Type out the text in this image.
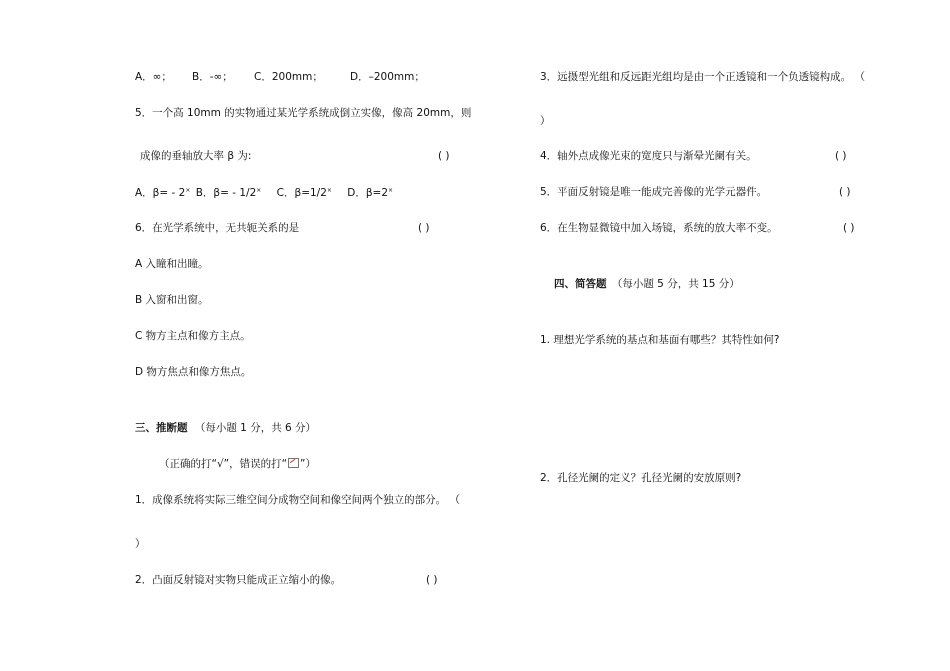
A．∞； B．-∞； C．200mm；	D．–200mm；
5．一个高 10mm 的实物通过某光学系统成倒立实像，像高 20mm，则
成像的垂轴放大率 β 为:	( )
A．β= - 2× B．β= - 1/2× C．β=1/2× D．β=2×
6．在光学系统中，无共轭关系的是	( )
A 入瞳和出瞳。
B 入窗和出窗。
C 物方主点和像方主点。
D 物方焦点和像方焦点。
三、推断题 （每小题 1 分，共 6 分）
（正确的打“√”，错误的打“ ”）
1．成像系统将实际三维空间分成物空间和像空间两个独立的部分。 （
）
2．凸面反射镜对实物只能成正立缩小的像。	( )
3．远摄型光组和反远距光组均是由一个正透镜和一个负透镜构成。 （
）
4．轴外点成像光束的宽度只与渐晕光阑有关。	( )
5．平面反射镜是唯一能成完善像的光学元器件。	( )
6．在生物显微镜中加入场镜，系统的放大率不变。	( )
四、简答题 （每小题 5 分，共 15 分）
1. 理想光学系统的基点和基面有哪些？其特性如何?
2．孔径光阑的定义？孔径光阑的安放原则?
